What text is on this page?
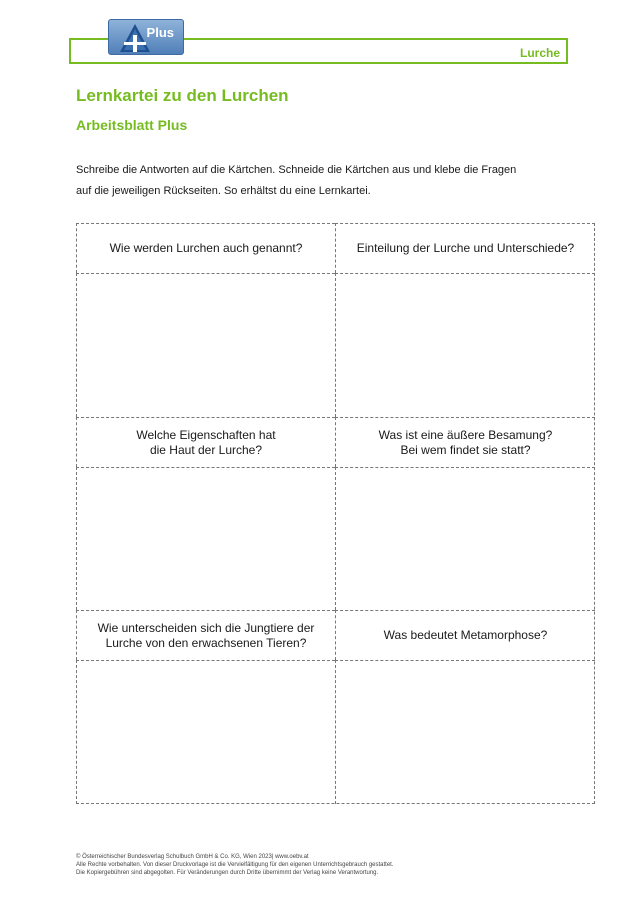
Lurche
Plus
Lernkartei zu den Lurchen
Arbeitsblatt Plus

Schreibe die Antworten auf die Kärtchen. Schneide die Kärtchen aus und klebe die Fragen

auf die jeweiligen Rückseiten. So erhältst du eine Lernkartei.

Wie werden Lurchen auch genannt?	Einteilung der Lurche und Unterschiede?
Welche Eigenschaften hat
die Haut der Lurche?
Was ist eine äußere Besamung?
Bei wem findet sie statt?
Wie unterscheiden sich die Jungtiere der
Lurche von den erwachsenen Tieren?
Was bedeutet Metamorphose?

© Österreichischer Bundesverlag Schulbuch GmbH & Co. KG, Wien 2023| www.oebv.at

Alle Rechte vorbehalten. Von dieser Druckvorlage ist die Vervielfältigung für den eigenen Unterrichtsgebrauch gestattet.

Die Kopiergebühren sind abgegolten. Für Veränderungen durch Dritte übernimmt der Verlag keine Verantwortung.
